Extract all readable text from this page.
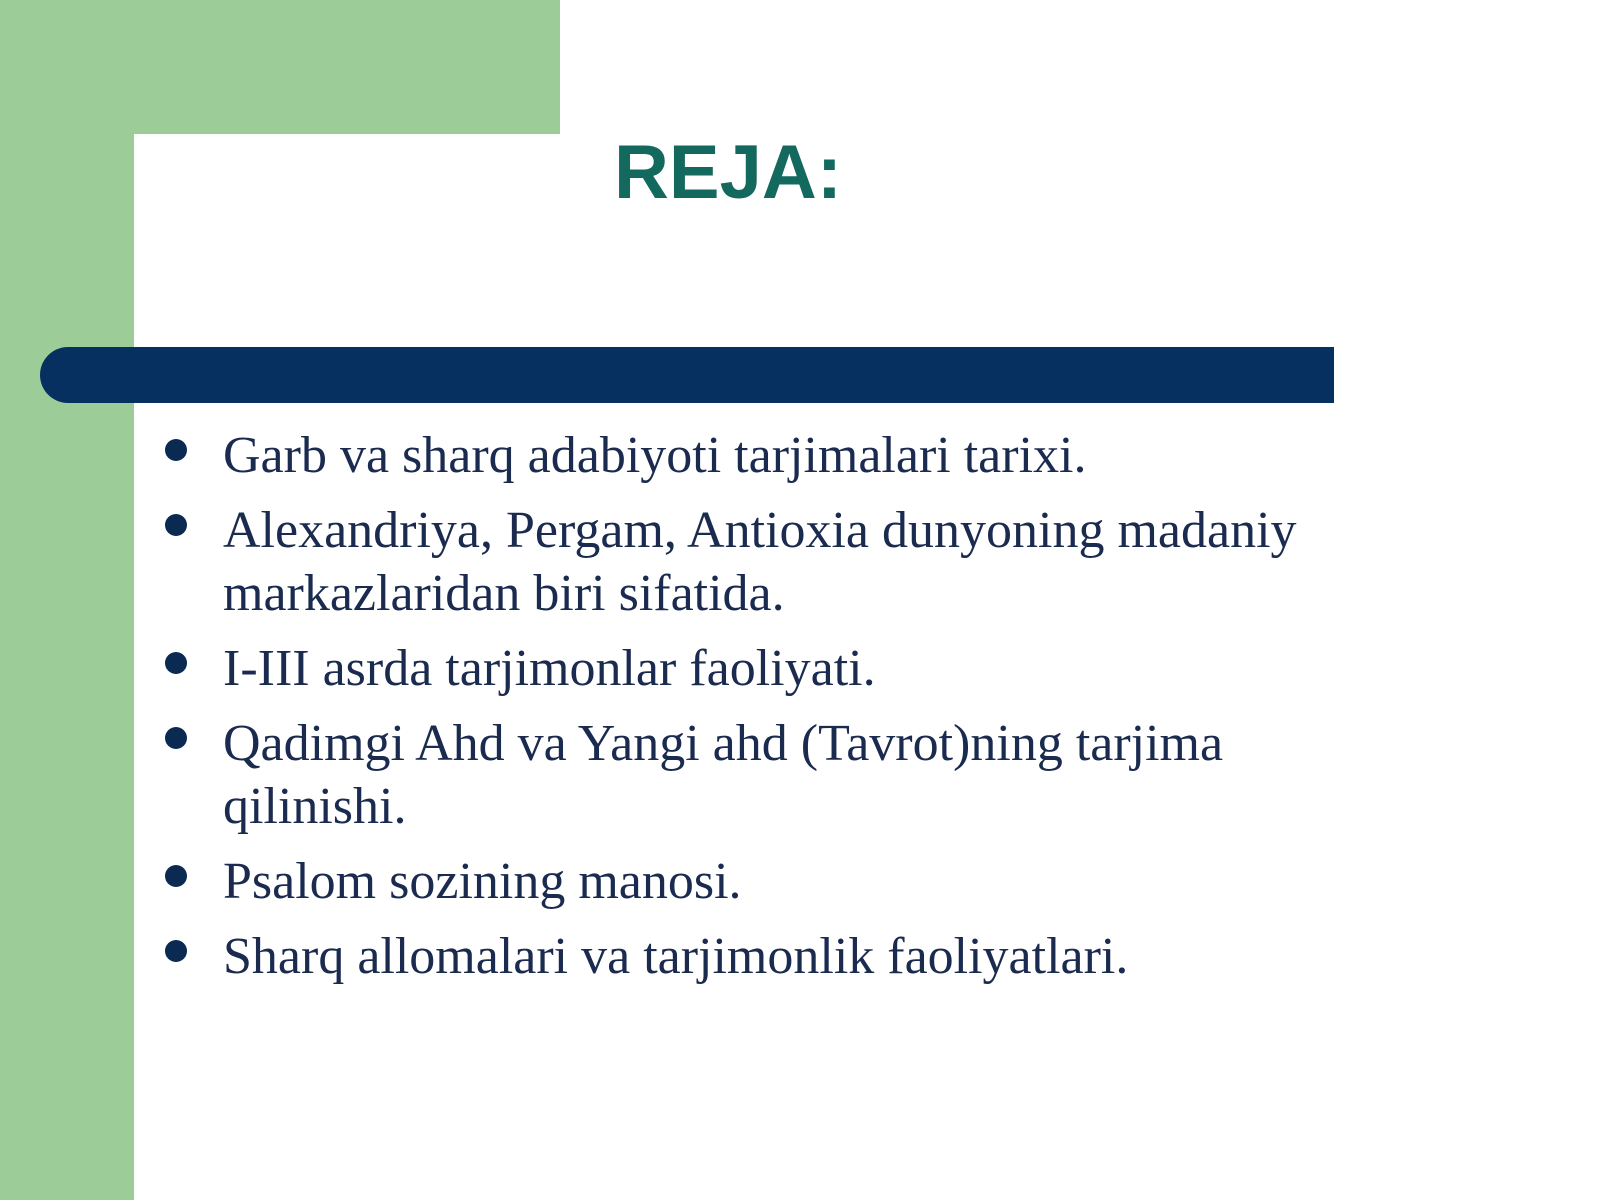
REJA:
Garb va sharq adabiyoti tarjimalari tarixi.
Alexandriya, Pergam, Antioxia dunyoning madaniy markazlaridan biri sifatida.
I-III asrda tarjimonlar faoliyati.
Qadimgi Ahd va Yangi ahd (Tavrot)ning tarjima qilinishi.
Psalom sozining manosi.
Sharq allomalari va tarjimonlik faoliyatlari.
